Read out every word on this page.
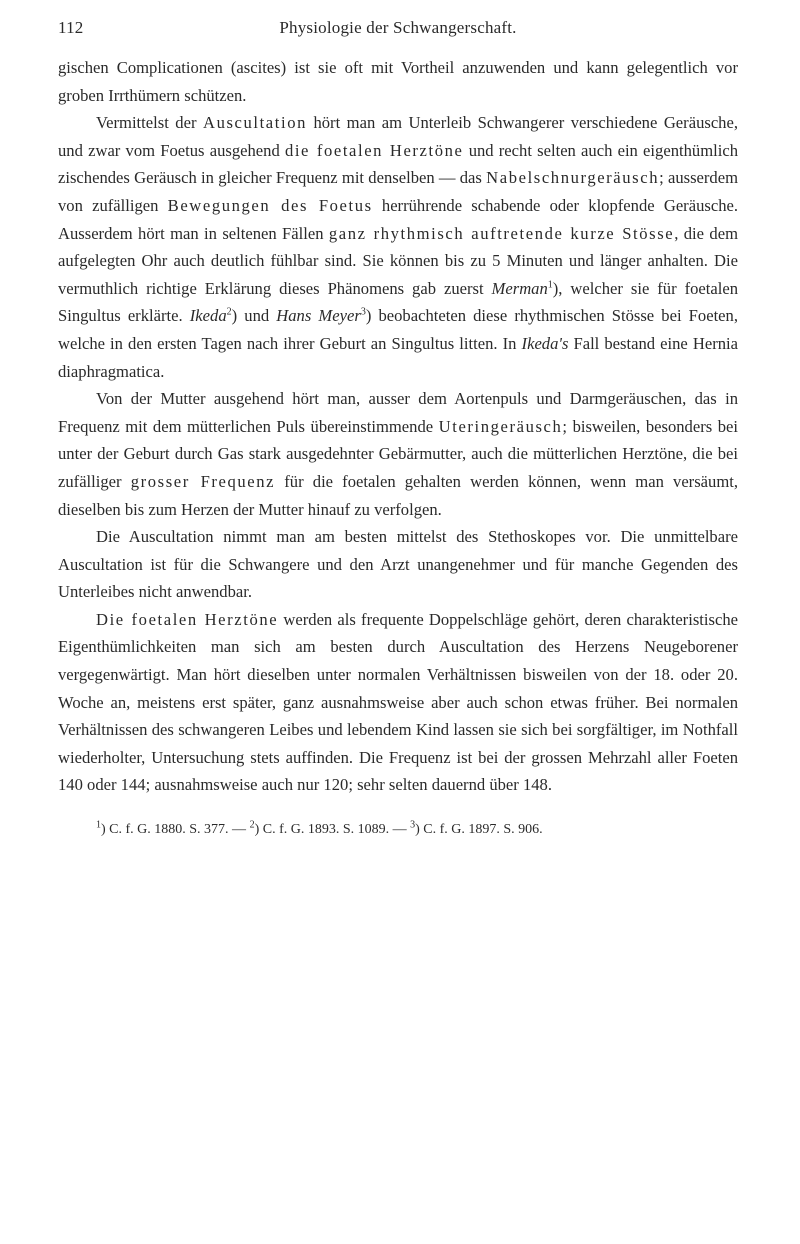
112	Physiologie der Schwangerschaft.

gischen Complicationen (ascites) ist sie oft mit Vortheil anzuwenden und kann gelegentlich vor groben Irrthümern schützen.

Vermittelst der Auscultation hört man am Unterleib Schwangerer verschiedene Geräusche, und zwar vom Foetus ausgehend die foetalen Herztöne und recht selten auch ein eigenthümlich zischendes Geräusch in gleicher Frequenz mit denselben — das Nabelschnurgeräusch; ausserdem von zufälligen Bewegungen des Foetus herrührende schabende oder klopfende Geräusche. Ausserdem hört man in seltenen Fällen ganz rhythmisch auftretende kurze Stösse, die dem aufgelegten Ohr auch deutlich fühlbar sind. Sie können bis zu 5 Minuten und länger anhalten. Die vermuthlich richtige Erklärung dieses Phänomens gab zuerst Merman$^1$), welcher sie für foetalen Singultus erklärte. Ikeda$^2$) und Hans Meyer$^3$) beobachteten diese rhythmischen Stösse bei Foeten, welche in den ersten Tagen nach ihrer Geburt an Singultus litten. In Ikeda's Fall bestand eine Hernia diaphragmatica.

Von der Mutter ausgehend hört man, ausser dem Aortenpuls und Darmgeräuschen, das in Frequenz mit dem mütterlichen Puls übereinstimmende Uteringeräusch; bisweilen, besonders bei unter der Geburt durch Gas stark ausgedehnter Gebärmutter, auch die mütterlichen Herztöne, die bei zufälliger grosser Frequenz für die foetalen gehalten werden können, wenn man versäumt, dieselben bis zum Herzen der Mutter hinauf zu verfolgen.

Die Auscultation nimmt man am besten mittelst des Stethoskopes vor. Die unmittelbare Auscultation ist für die Schwangere und den Arzt unangenehmer und für manche Gegenden des Unterleibes nicht anwendbar.

Die foetalen Herztöne werden als frequente Doppelschläge gehört, deren charakteristische Eigenthümlichkeiten man sich am besten durch Auscultation des Herzens Neugeborener vergegenwärtigt. Man hört dieselben unter normalen Verhältnissen bisweilen von der 18. oder 20. Woche an, meistens erst später, ganz ausnahmsweise aber auch schon etwas früher. Bei normalen Verhältnissen des schwangeren Leibes und lebendem Kind lassen sie sich bei sorgfältiger, im Nothfall wiederholter, Untersuchung stets auffinden. Die Frequenz ist bei der grossen Mehrzahl aller Foeten 140 oder 144; ausnahmsweise auch nur 120; sehr selten dauernd über 148.

$^1$) C. f. G. 1880. S. 377. — $^2$) C. f. G. 1893. S. 1089. — $^3$) C. f. G. 1897. S. 906.
